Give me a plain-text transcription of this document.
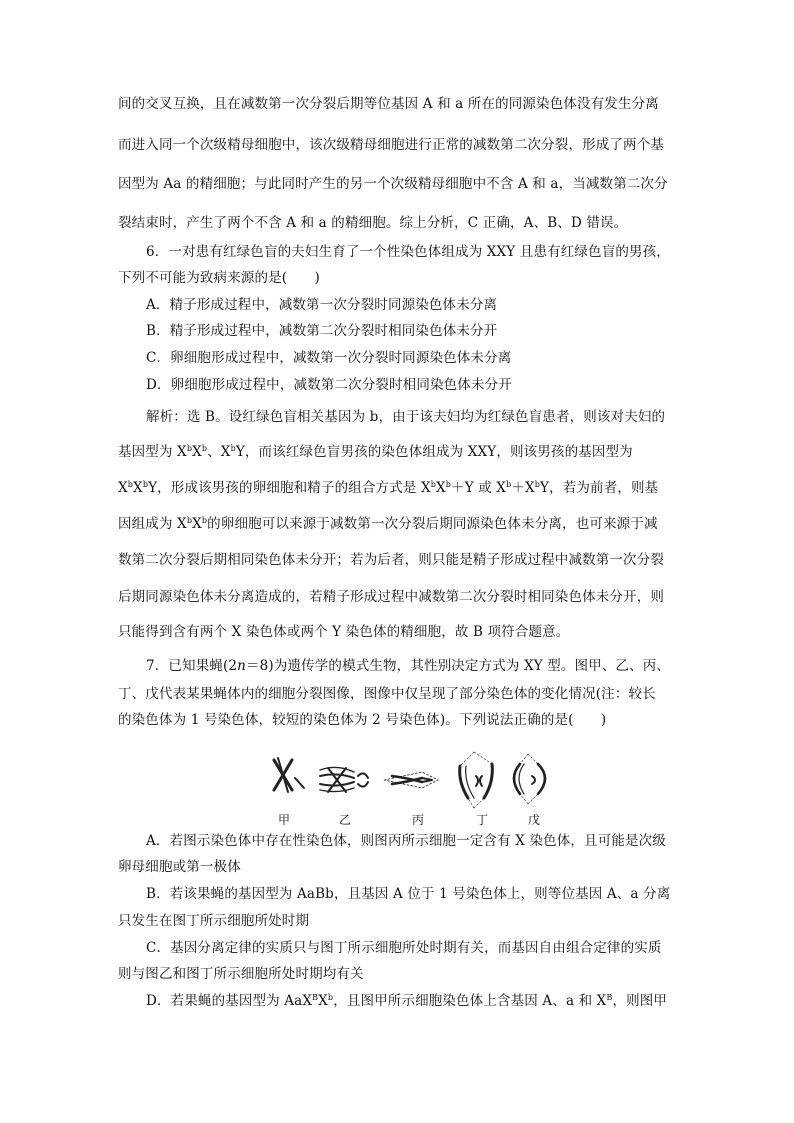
间的交叉互换，且在减数第一次分裂后期等位基因 A 和 a 所在的同源染色体没有发生分离
而进入同一个次级精母细胞中，该次级精母细胞进行正常的减数第二次分裂，形成了两个基
因型为 Aa 的精细胞；与此同时产生的另一个次级精母细胞中不含 A 和 a，当减数第二次分
裂结束时，产生了两个不含 A 和 a 的精细胞。综上分析，C 正确，A、B、D 错误。
6．一对患有红绿色盲的夫妇生育了一个性染色体组成为 XXY 且患有红绿色盲的男孩，
下列不可能为致病来源的是(　　)
A．精子形成过程中，减数第一次分裂时同源染色体未分离
B．精子形成过程中，减数第二次分裂时相同染色体未分开
C．卵细胞形成过程中，减数第一次分裂时同源染色体未分离
D．卵细胞形成过程中，减数第二次分裂时相同染色体未分开
解析：选 B。设红绿色盲相关基因为 b，由于该夫妇均为红绿色盲患者，则该对夫妇的
基因型为 $X^bX^b$、$X^bY$，而该红绿色盲男孩的染色体组成为 XXY，则该男孩的基因型为
$X^bX^bY$，形成该男孩的卵细胞和精子的组合方式是 $X^bX^b+Y$ 或 $X^b+X^bY$，若为前者，则基
因组成为 $X^bX^b$的卵细胞可以来源于减数第一次分裂后期同源染色体未分离，也可来源于减
数第二次分裂后期相同染色体未分开；若为后者，则只能是精子形成过程中减数第一次分裂
后期同源染色体未分离造成的，若精子形成过程中减数第二次分裂时相同染色体未分开，则
只能得到含有两个 X 染色体或两个 Y 染色体的精细胞，故 B 项符合题意。
7．已知果蝇(2n＝8)为遗传学的模式生物，其性别决定方式为 XY 型。图甲、乙、丙、
丁、戊代表某果蝇体内的细胞分裂图像，图像中仅呈现了部分染色体的变化情况(注：较长
的染色体为 1 号染色体，较短的染色体为 2 号染色体)。下列说法正确的是(　　)
甲	乙	丙	丁	戊
A．若图示染色体中存在性染色体，则图丙所示细胞一定含有 X 染色体，且可能是次级
卵母细胞或第一极体
B．若该果蝇的基因型为 AaBb，且基因 A 位于 1 号染色体上，则等位基因 A、a 分离
只发生在图丁所示细胞所处时期
C．基因分离定律的实质只与图丁所示细胞所处时期有关，而基因自由组合定律的实质
则与图乙和图丁所示细胞所处时期均有关
D．若果蝇的基因型为 $AaX^BX^b$，且图甲所示细胞染色体上含基因 A、a 和 $X^B$，则图甲
